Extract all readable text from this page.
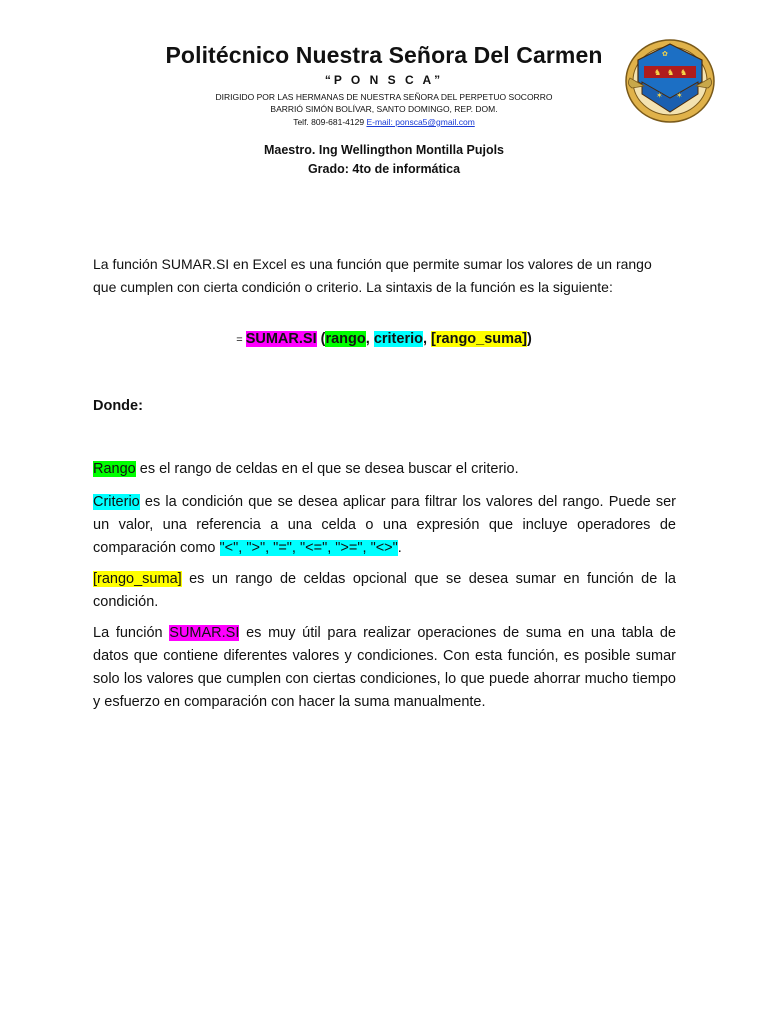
Politécnico Nuestra Señora Del Carmen
“P O N S C A”
DIRIGIDO POR LAS HERMANAS DE NUESTRA SEÑORA DEL PERPETUO SOCORRO
BARRIÓ SIMÓN BOLÍVAR, SANTO DOMINGO, REP. DOM.
Telf. 809-681-4129 E-mail: ponsca5@gmail.com
♞ ♞ ♞
✶ ✶
✿
Maestro. Ing Wellingthon Montilla Pujols
Grado: 4to de informática
La función SUMAR.SI en Excel es una función que permite sumar los valores de un rango que cumplen con cierta condición o criterio. La sintaxis de la función es la siguiente:
= SUMAR.SI (rango, criterio, [rango_suma])
Donde:
Rango es el rango de celdas en el que se desea buscar el criterio.
Criterio es la condición que se desea aplicar para filtrar los valores del rango. Puede ser un valor, una referencia a una celda o una expresión que incluye operadores de comparación como "<", ">", "=", "<=", ">=", "<>".
[rango_suma] es un rango de celdas opcional que se desea sumar en función de la condición.
La función SUMAR.SI es muy útil para realizar operaciones de suma en una tabla de datos que contiene diferentes valores y condiciones. Con esta función, es posible sumar solo los valores que cumplen con ciertas condiciones, lo que puede ahorrar mucho tiempo y esfuerzo en comparación con hacer la suma manualmente.
